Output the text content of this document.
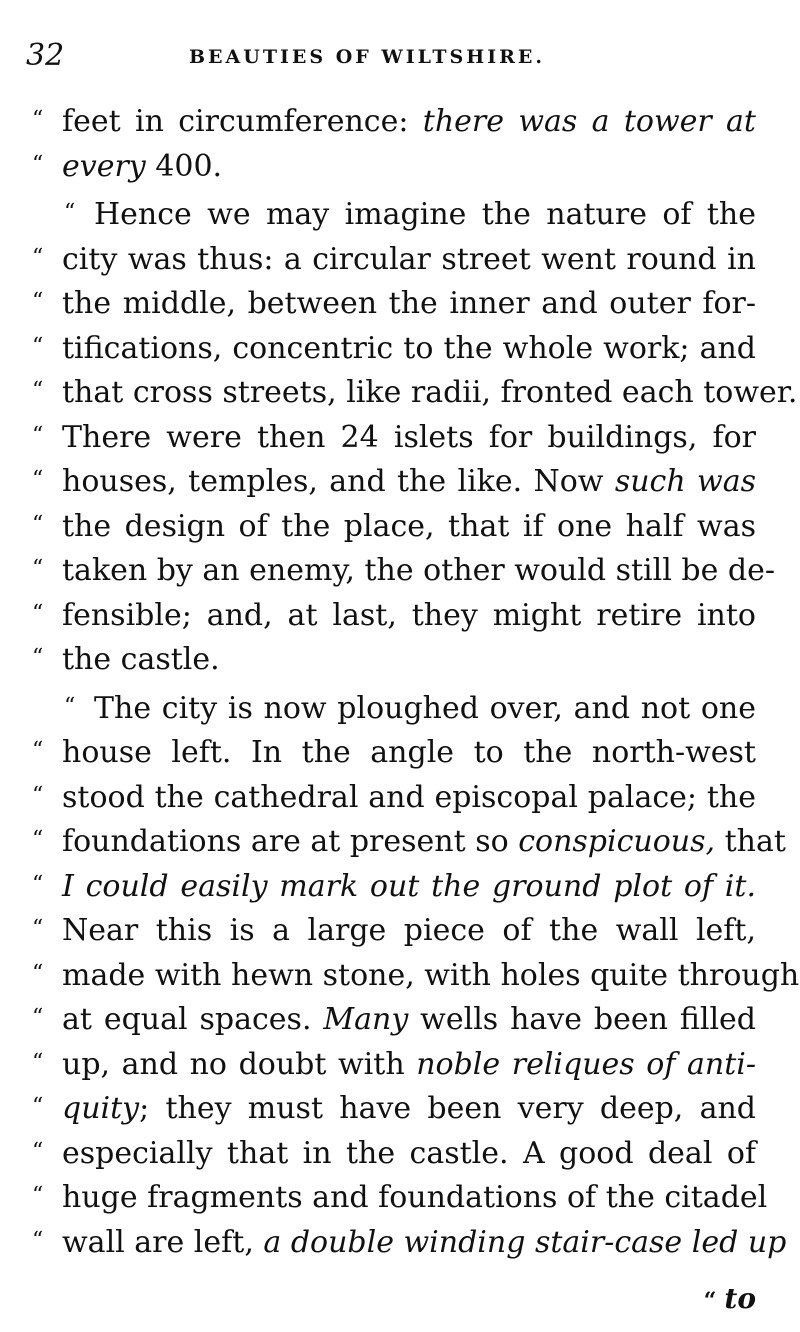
32	BEAUTIES OF WILTSHIRE.
“ feet in circumference: there was a tower at
“ every 400.
“ Hence we may imagine the nature of the
“ city was thus: a circular street went round in
“ the middle, between the inner and outer for-
“ tifications, concentric to the whole work; and
“ that cross streets, like radii, fronted each tower.
“ There were then 24 islets for buildings, for
“ houses, temples, and the like. Now such was
“ the design of the place, that if one half was
“ taken by an enemy, the other would still be de-
“ fensible; and, at last, they might retire into
“ the castle.
“ The city is now ploughed over, and not one
“ house left. In the angle to the north-west
“ stood the cathedral and episcopal palace; the
“ foundations are at present so conspicuous, that
“ I could easily mark out the ground plot of it.
“ Near this is a large piece of the wall left,
“ made with hewn stone, with holes quite through
“ at equal spaces. Many wells have been filled
“ up, and no doubt with noble reliques of anti-
“ quity; they must have been very deep, and
“ especially that in the castle. A good deal of
“ huge fragments and foundations of the citadel
“ wall are left, a double winding stair-case led up
“ to
